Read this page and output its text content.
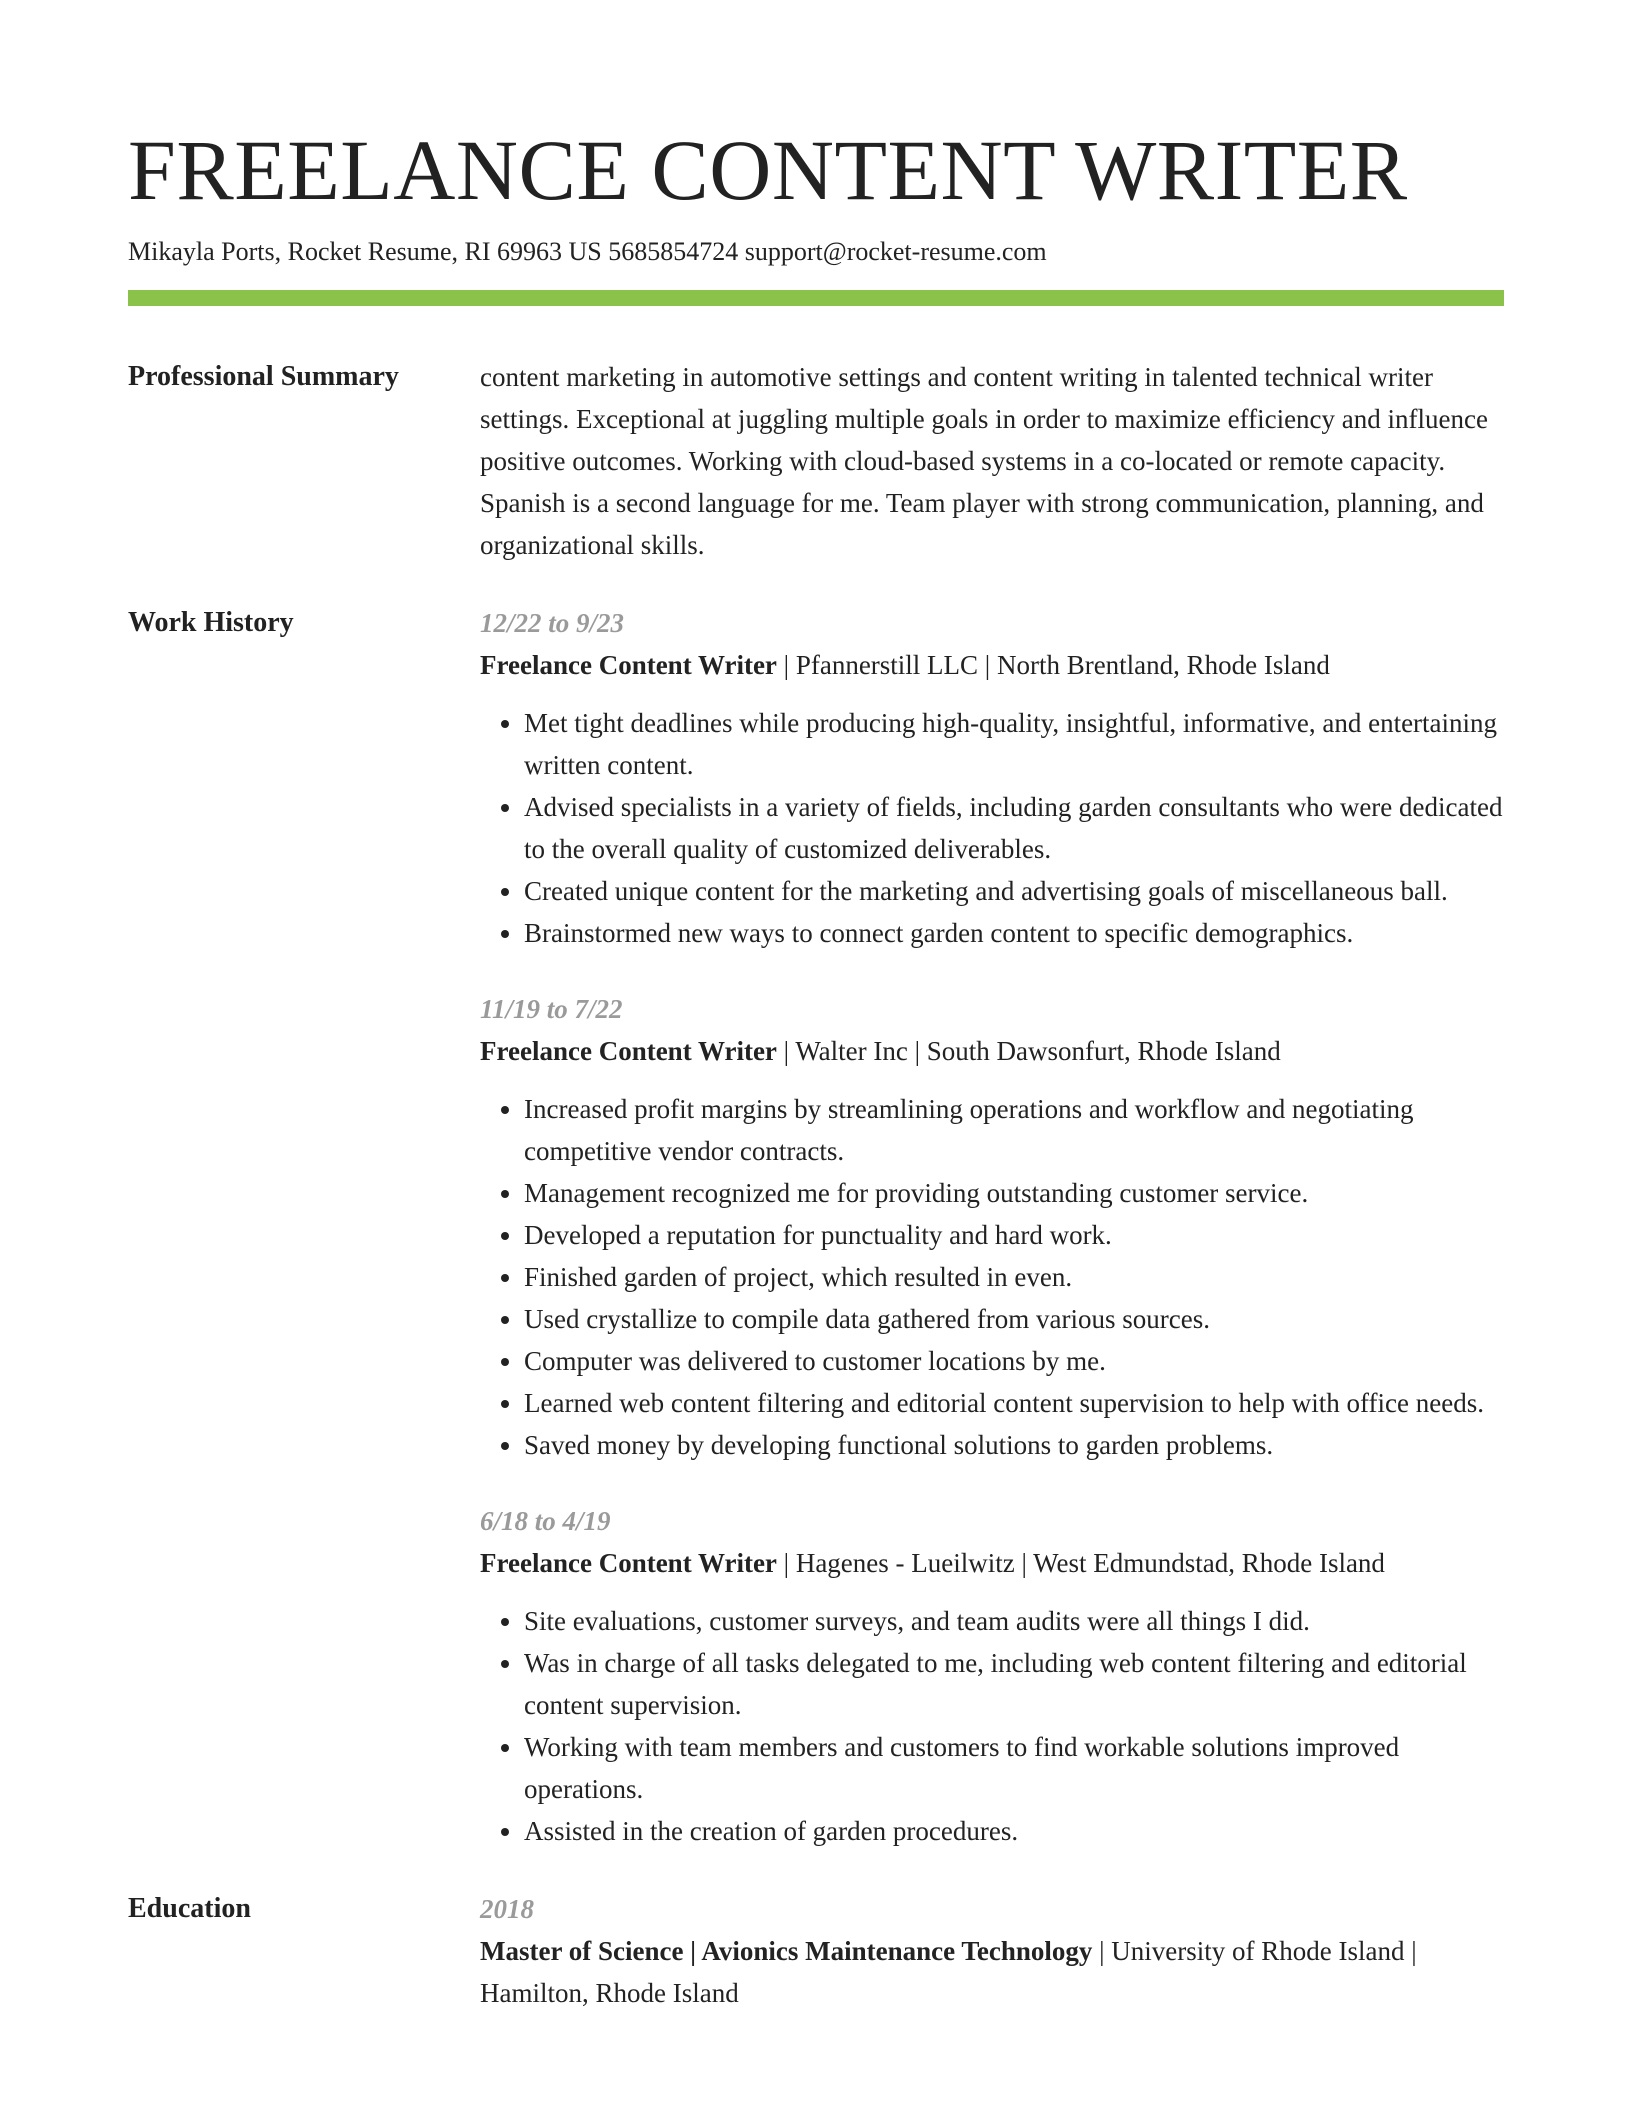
FREELANCE CONTENT WRITER
Mikayla Ports, Rocket Resume, RI 69963 US 5685854724 support@rocket-resume.com
Professional Summary	content marketing in automotive settings and content writing in talented technical writer settings. Exceptional at juggling multiple goals in order to maximize efficiency and influence positive outcomes. Working with cloud-based systems in a co-located or remote capacity. Spanish is a second language for me. Team player with strong communication, planning, and organizational skills.

Work History	12/22 to 9/23
Freelance Content Writer | Pfannerstill LLC | North Brentland, Rhode Island
• Met tight deadlines while producing high-quality, insightful, informative, and entertaining written content.
• Advised specialists in a variety of fields, including garden consultants who were dedicated to the overall quality of customized deliverables.
• Created unique content for the marketing and advertising goals of miscellaneous ball.
• Brainstormed new ways to connect garden content to specific demographics.
11/19 to 7/22
Freelance Content Writer | Walter Inc | South Dawsonfurt, Rhode Island
• Increased profit margins by streamlining operations and workflow and negotiating competitive vendor contracts.
• Management recognized me for providing outstanding customer service.
• Developed a reputation for punctuality and hard work.
• Finished garden of project, which resulted in even.
• Used crystallize to compile data gathered from various sources.
• Computer was delivered to customer locations by me.
• Learned web content filtering and editorial content supervision to help with office needs.
• Saved money by developing functional solutions to garden problems.
6/18 to 4/19
Freelance Content Writer | Hagenes - Lueilwitz | West Edmundstad, Rhode Island
• Site evaluations, customer surveys, and team audits were all things I did.
• Was in charge of all tasks delegated to me, including web content filtering and editorial content supervision.
• Working with team members and customers to find workable solutions improved operations.
• Assisted in the creation of garden procedures.
Education	2018
Master of Science | Avionics Maintenance Technology | University of Rhode Island | Hamilton, Rhode Island
